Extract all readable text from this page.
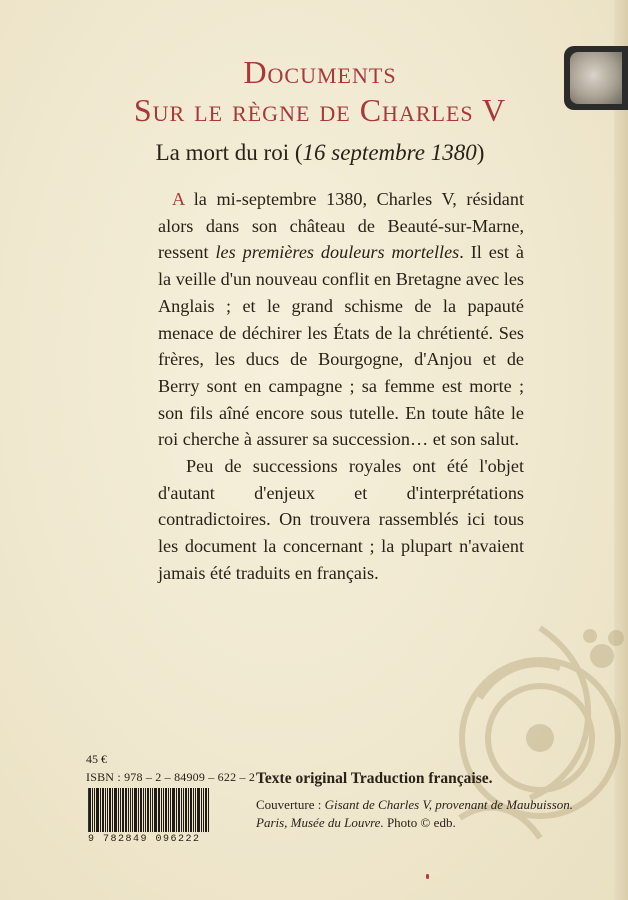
Documents
Sur le règne de Charles V
La mort du roi (16 septembre 1380)

A la mi-septembre 1380, Charles V, résidant alors dans son château de Beauté-sur-Marne, ressent les premières douleurs mortelles. Il est à la veille d'un nouveau conflit en Bretagne avec les Anglais ; et le grand schisme de la papauté menace de déchirer les États de la chrétienté. Ses frères, les ducs de Bourgogne, d'Anjou et de Berry sont en campagne ; sa femme est morte ; son fils aîné encore sous tutelle. En toute hâte le roi cherche à assurer sa succession… et son salut.

Peu de successions royales ont été l'objet d'autant d'enjeux et d'interprétations contradictoires. On trouvera rassemblés ici tous les document la concernant ; la plupart n'avaient jamais été traduits en français.

45 €
ISBN : 978 – 2 – 84909 – 622 – 2
9 782849 096222
Texte original Traduction française.
Couverture : Gisant de Charles V, provenant de Maubuisson. Paris, Musée du Louvre. Photo © edb.
